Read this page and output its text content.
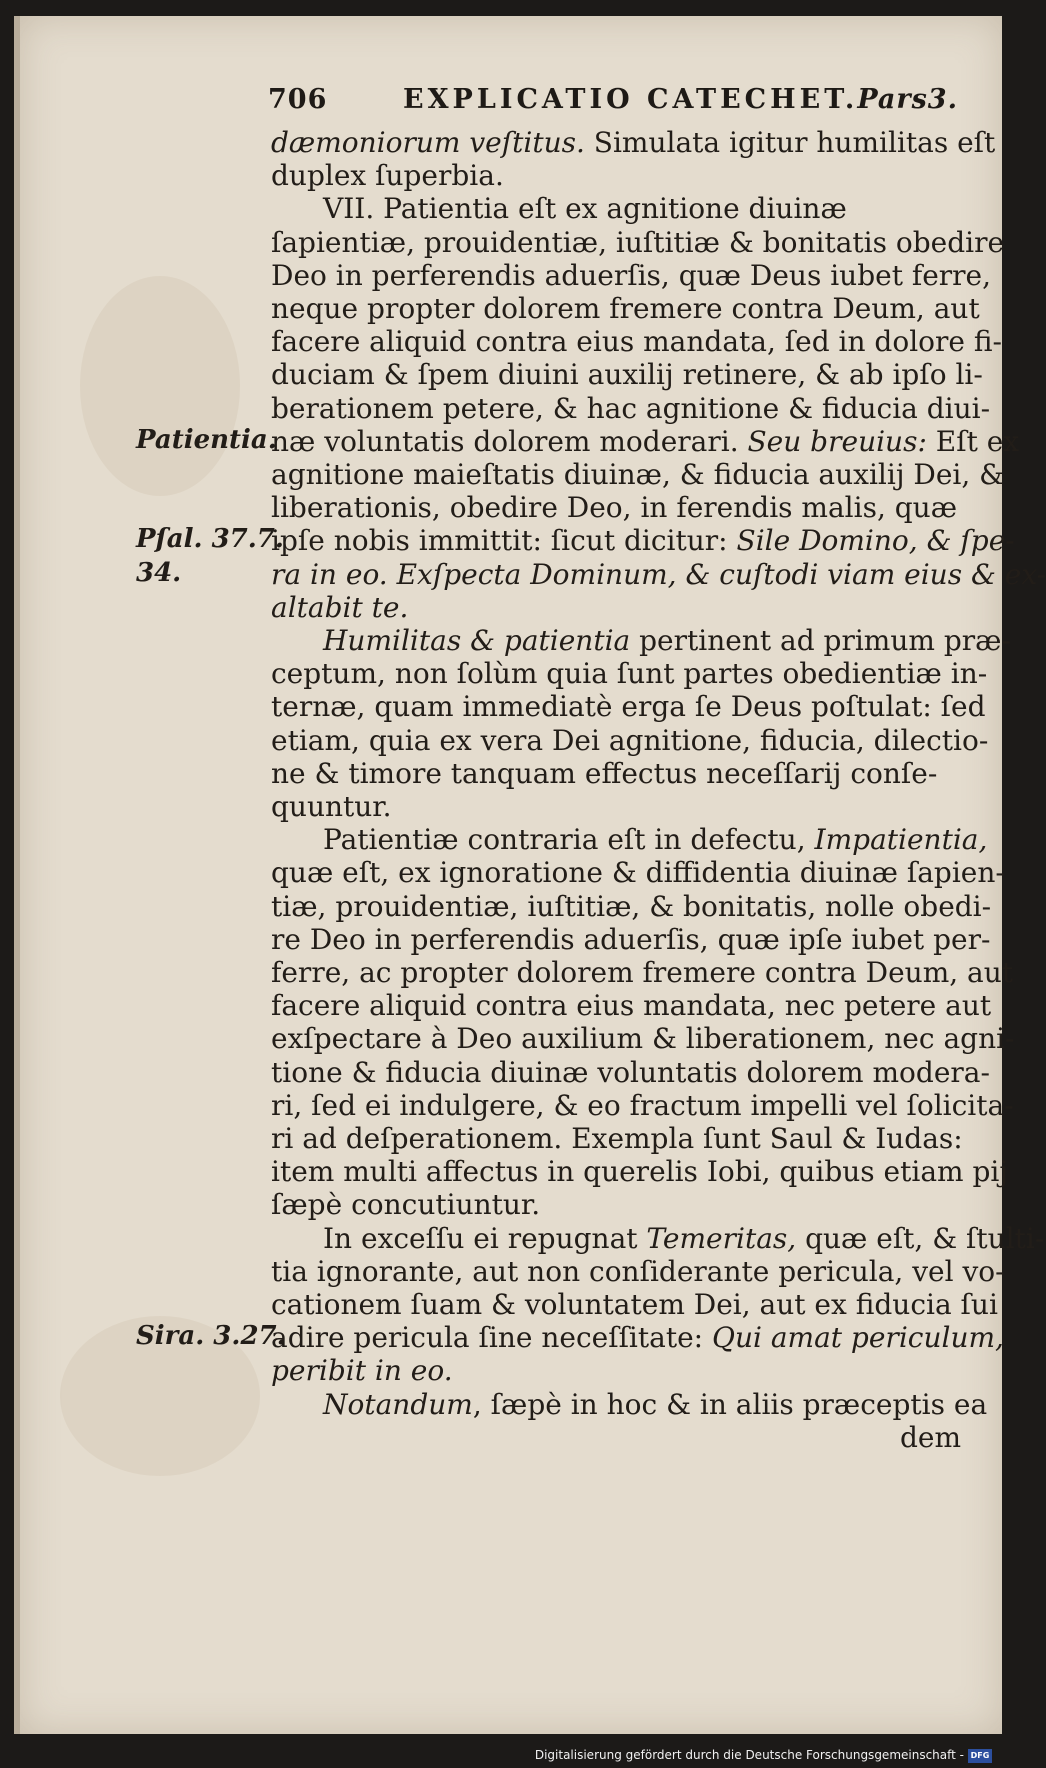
706	EXPLICATIO CATECHET. Pars3.
dæmoniorum veſtitus. Simulata igitur humilitas eſt
duplex ſuperbia.
VII. Patientia eſt ex agnitione diuinæ
ſapientiæ, prouidentiæ, iuſtitiæ & bonitatis obedire
Deo in perferendis aduerſis, quæ Deus iubet ferre,
neque propter dolorem fremere contra Deum, aut
facere aliquid contra eius mandata, ſed in dolore fi-
duciam & ſpem diuini auxilij retinere, & ab ipſo li-
berationem petere, & hac agnitione & fiducia diui-
næ voluntatis dolorem moderari. Seu breuius: Eſt ex
agnitione maieſtatis diuinæ, & fiducia auxilij Dei, &
liberationis, obedire Deo, in ferendis malis, quæ
ipſe nobis immittit: ſicut dicitur: Sile Domino, & ſpe-
ra in eo. Exſpecta Dominum, & cuſtodi viam eius & ex-
altabit te.
Humilitas & patientia pertinent ad primum præ-
ceptum, non ſolùm quia ſunt partes obedientiæ in-
ternæ, quam immediatè erga ſe Deus poſtulat: ſed
etiam, quia ex vera Dei agnitione, fiducia, dilectio-
ne & timore tanquam effectus neceſſarij conſe-
quuntur.
Patientiæ contraria eſt in defectu, Impatientia,
quæ eſt, ex ignoratione & diffidentia diuinæ ſapien-
tiæ, prouidentiæ, iuſtitiæ, & bonitatis, nolle obedi-
re Deo in perferendis aduerſis, quæ ipſe iubet per-
ferre, ac propter dolorem fremere contra Deum, aut
facere aliquid contra eius mandata, nec petere aut
exſpectare à Deo auxilium & liberationem, nec agni-
tione & fiducia diuinæ voluntatis dolorem modera-
ri, ſed ei indulgere, & eo fractum impelli vel ſolicita-
ri ad deſperationem. Exempla ſunt Saul & Iudas:
item multi affectus in querelis Iobi, quibus etiam pij
ſæpè concutiuntur.
In exceſſu ei repugnat Temeritas, quæ eſt, & ſtulti-
tia ignorante, aut non conſiderante pericula, vel vo-
cationem ſuam & voluntatem Dei, aut ex fiducia ſui
adire pericula ſine neceſſitate: Qui amat periculum,
peribit in eo.
Notandum, ſæpè in hoc & in aliis præceptis ea
dem
Patientia.
Pſal. 37.7.
34.
Sira. 3.27.
Digitalisierung gefördert durch die Deutsche Forschungsgemeinschaft - DFG
